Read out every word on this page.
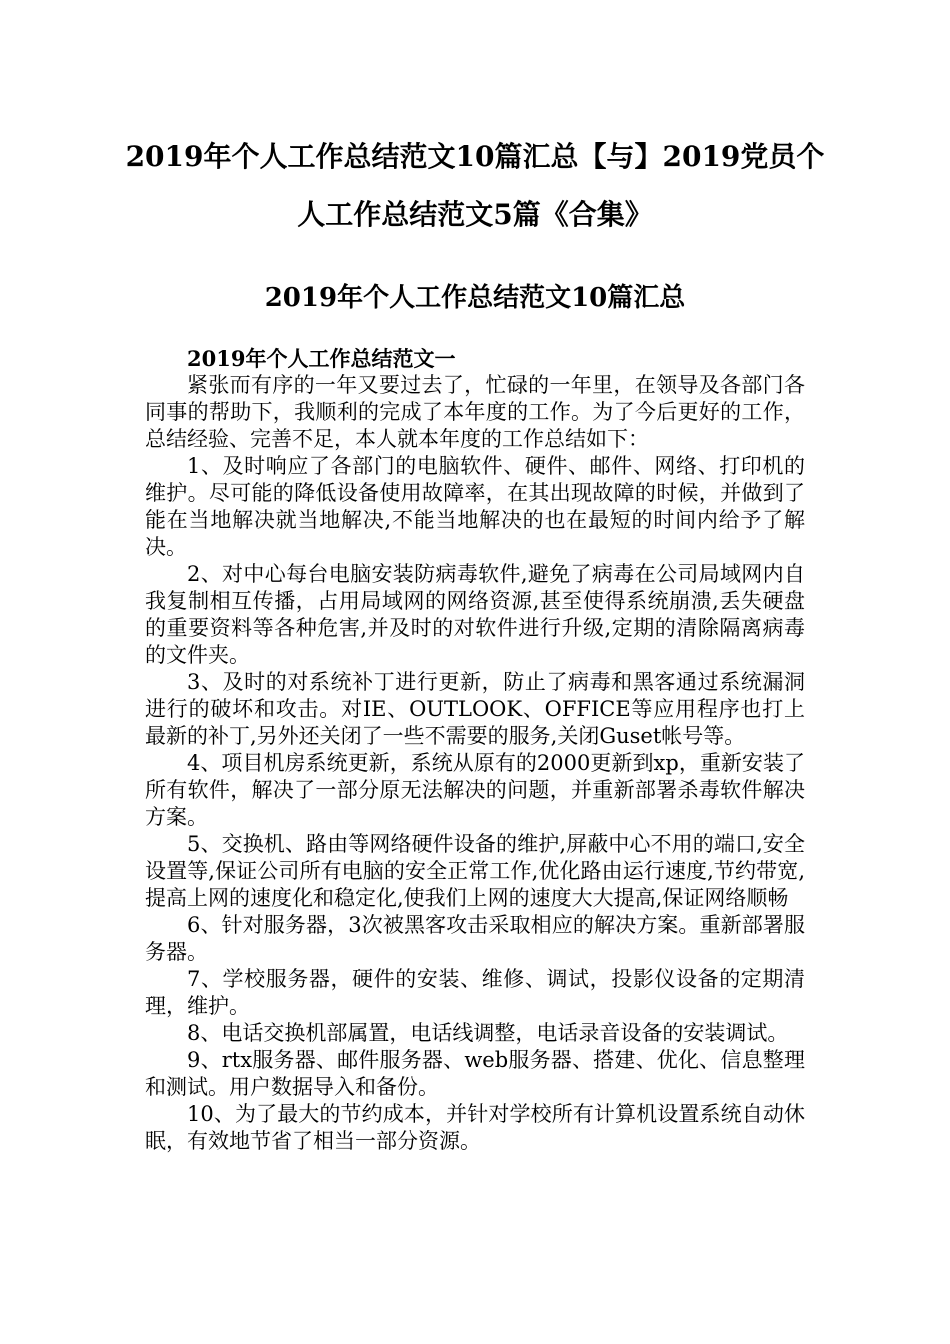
2019年个人工作总结范文10篇汇总【与】2019党员个人工作总结范文5篇《合集》
2019年个人工作总结范文10篇汇总

2019年个人工作总结范文一

紧张而有序的一年又要过去了，忙碌的一年里，在领导及各部门各同事的帮助下，我顺利的完成了本年度的工作。为了今后更好的工作，总结经验、完善不足，本人就本年度的工作总结如下：

1、及时响应了各部门的电脑软件、硬件、邮件、网络、打印机的维护。尽可能的降低设备使用故障率，在其出现故障的时候，并做到了能在当地解决就当地解决,不能当地解决的也在最短的时间内给予了解决。

2、对中心每台电脑安装防病毒软件,避免了病毒在公司局域网内自我复制相互传播，占用局域网的网络资源,甚至使得系统崩溃,丢失硬盘的重要资料等各种危害,并及时的对软件进行升级,定期的清除隔离病毒的文件夹。

3、及时的对系统补丁进行更新，防止了病毒和黑客通过系统漏洞进行的破坏和攻击。对IE、OUTLOOK、OFFICE等应用程序也打上最新的补丁,另外还关闭了一些不需要的服务,关闭Guset帐号等。

4、项目机房系统更新，系统从原有的2000更新到xp，重新安装了所有软件，解决了一部分原无法解决的问题，并重新部署杀毒软件解决方案。

5、交换机、路由等网络硬件设备的维护,屏蔽中心不用的端口,安全设置等,保证公司所有电脑的安全正常工作,优化路由运行速度,节约带宽,提高上网的速度化和稳定化,使我们上网的速度大大提高,保证网络顺畅

6、针对服务器，3次被黑客攻击采取相应的解决方案。重新部署服务器。

7、学校服务器，硬件的安装、维修、调试，投影仪设备的定期清理，维护。

8、电话交换机部属置，电话线调整，电话录音设备的安装调试。

9、rtx服务器、邮件服务器、web服务器、搭建、优化、信息整理和测试。用户数据导入和备份。

10、为了最大的节约成本，并针对学校所有计算机设置系统自动休眠，有效地节省了相当一部分资源。
